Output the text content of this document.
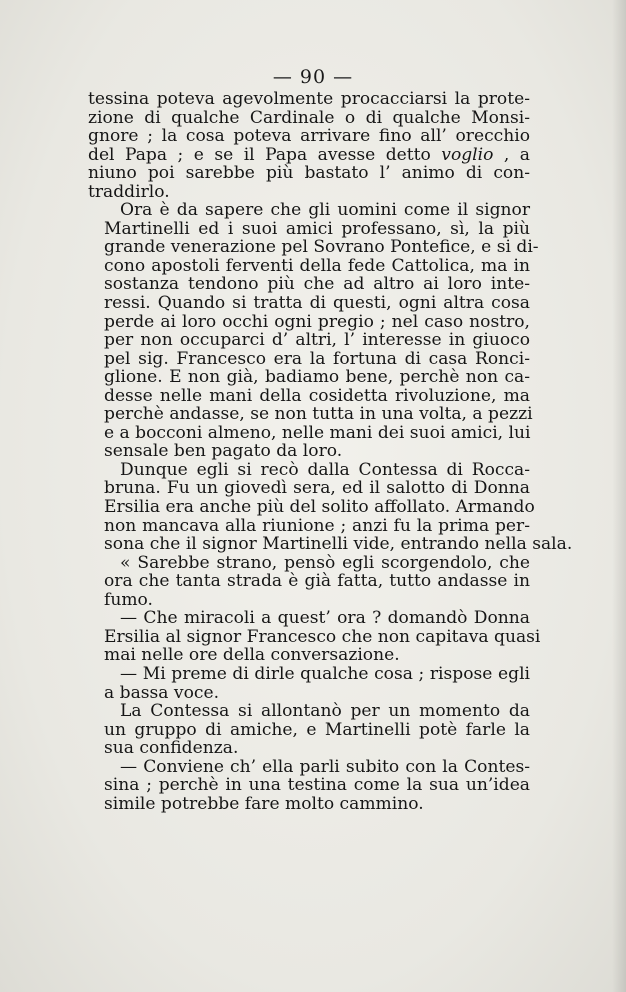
— 90 —

tessina poteva agevolmente procacciarsi la prote-
zione di qualche Cardinale o di qualche Monsi-
gnore ; la cosa poteva arrivare fino all’ orecchio
del Papa ; e se il Papa avesse detto voglio , a
niuno poi sarebbe più bastato l’ animo di con-
traddirlo.

Ora è da sapere che gli uomini come il signor
Martinelli ed i suoi amici professano, sì, la più
grande venerazione pel Sovrano Pontefice, e si di-
cono apostoli ferventi della fede Cattolica, ma in
sostanza tendono più che ad altro ai loro inte-
ressi. Quando si tratta di questi, ogni altra cosa
perde ai loro occhi ogni pregio ; nel caso nostro,
per non occuparci d’ altri, l’ interesse in giuoco
pel sig. Francesco era la fortuna di casa Ronci-
glione. E non già, badiamo bene, perchè non ca-
desse nelle mani della cosidetta rivoluzione, ma
perchè andasse, se non tutta in una volta, a pezzi
e a bocconi almeno, nelle mani dei suoi amici, lui
sensale ben pagato da loro.

Dunque egli si recò dalla Contessa di Rocca-
bruna. Fu un giovedì sera, ed il salotto di Donna
Ersilia era anche più del solito affollato. Armando
non mancava alla riunione ; anzi fu la prima per-
sona che il signor Martinelli vide, entrando nella sala.

« Sarebbe strano, pensò egli scorgendolo, che
ora che tanta strada è già fatta, tutto andasse in
fumo.

— Che miracoli a quest’ ora ? domandò Donna
Ersilia al signor Francesco che non capitava quasi
mai nelle ore della conversazione.

— Mi preme di dirle qualche cosa ; rispose egli
a bassa voce.

La Contessa si allontanò per un momento da
un gruppo di amiche, e Martinelli potè farle la
sua confidenza.

— Conviene ch’ ella parli subito con la Contes-
sina ; perchè in una testina come la sua un’idea
simile potrebbe fare molto cammino.
